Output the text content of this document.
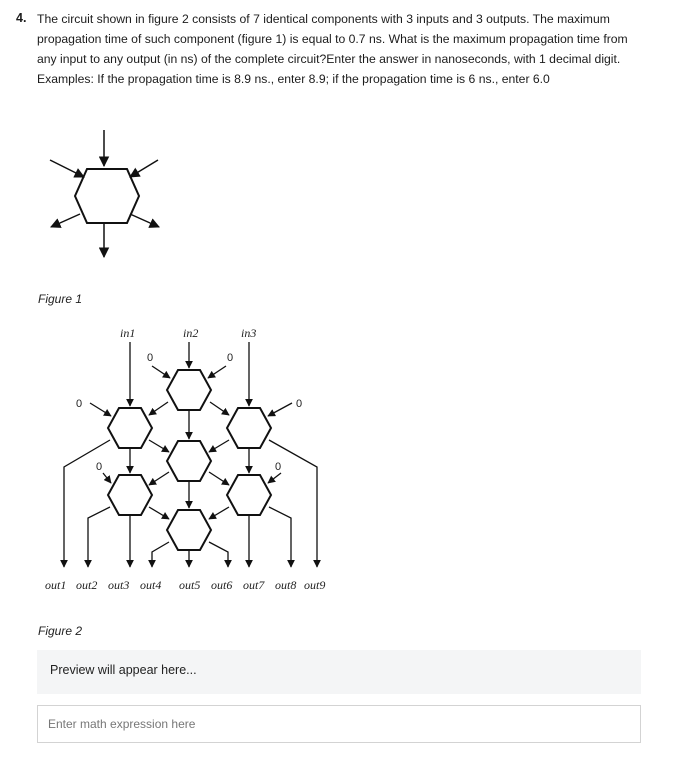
4. The circuit shown in figure 2 consists of 7 identical components with 3 inputs and 3 outputs. The maximum propagation time of such component (figure 1) is equal to 0.7 ns. What is the maximum propagation time from any input to any output (in ns) of the complete circuit?Enter the answer in nanoseconds, with 1 decimal digit. Examples: If the propagation time is 8.9 ns., enter 8.9; if the propagation time is 6 ns., enter 6.0
Figure 1
in1	in2	in3
0	0
0	0
0	0
out1 out2 out3 out4 out5 out6 out7 out8 out9
Figure 2
Preview will appear here...
Enter math expression here
